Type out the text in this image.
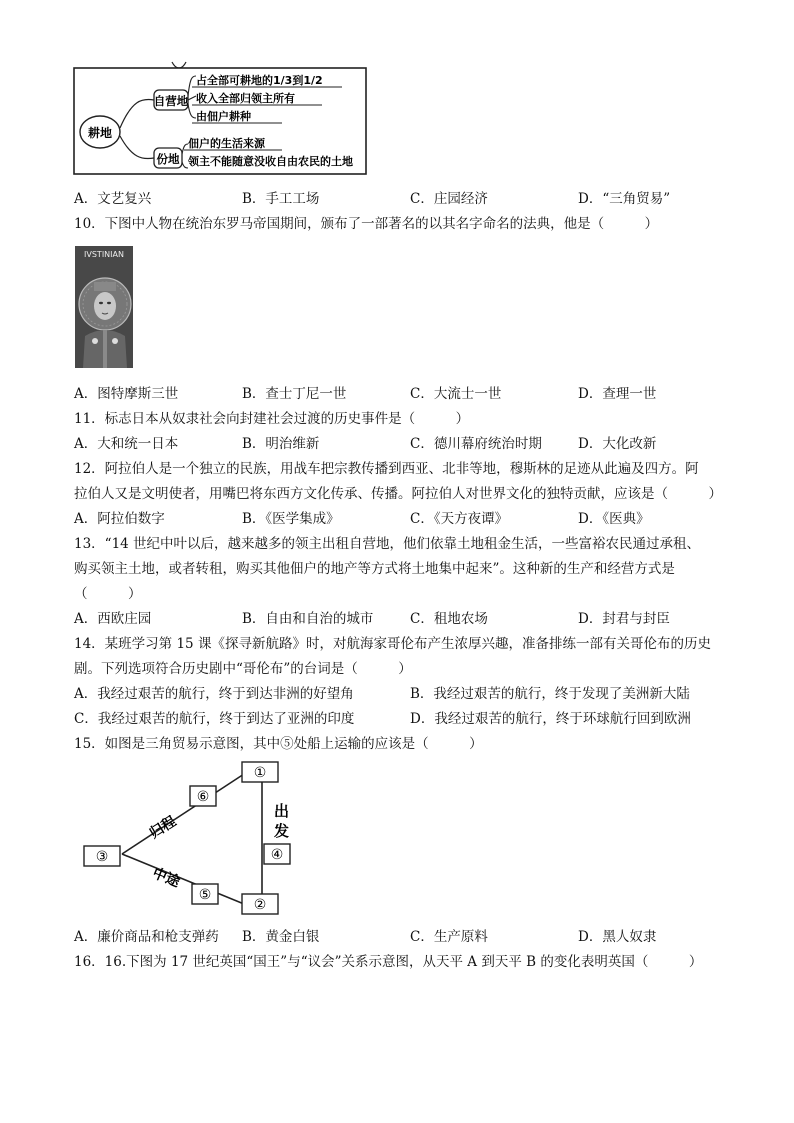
耕地
自营地
份地
占全部可耕地的1/3到1/2
收入全部归领主所有
由佃户耕种
佃户的生活来源
领主不能随意没收自由农民的土地
A．文艺复兴	B．手工工场	C．庄园经济	D．“三角贸易”
10．下图中人物在统治东罗马帝国期间，颁布了一部著名的以其名字命名的法典，他是（　　　）
IVSTINIAN
A．图特摩斯三世	B．查士丁尼一世	C．大流士一世	D．查理一世
11．标志日本从奴隶社会向封建社会过渡的历史事件是（　　　）
A．大和统一日本	B．明治维新	C．德川幕府统治时期	D．大化改新
12．阿拉伯人是一个独立的民族，用战车把宗教传播到西亚、北非等地，穆斯林的足迹从此遍及四方。阿
拉伯人又是文明使者，用嘴巴将东西方文化传承、传播。阿拉伯人对世界文化的独特贡献，应该是（　　　）
A．阿拉伯数字	B．《医学集成》	C．《天方夜谭》	D．《医典》
13．“14 世纪中叶以后，越来越多的领主出租自营地，他们依靠土地租金生活，一些富裕农民通过承租、
购买领主土地，或者转租，购买其他佃户的地产等方式将土地集中起来”。这种新的生产和经营方式是
（　　　）
A．西欧庄园	B．自由和自治的城市	C．租地农场	D．封君与封臣
14．某班学习第 15 课《探寻新航路》时，对航海家哥伦布产生浓厚兴趣，准备排练一部有关哥伦布的历史
剧。下列选项符合历史剧中“哥伦布”的台词是（　　　）
A．我经过艰苦的航行，终于到达非洲的好望角	B．我经过艰苦的航行，终于发现了美洲新大陆
C．我经过艰苦的航行，终于到达了亚洲的印度	D．我经过艰苦的航行，终于环球航行回到欧洲
15．如图是三角贸易示意图，其中⑤处船上运输的应该是（　　　）
①
②
③	④
⑤
⑥
归程
中途
出 发
A．廉价商品和枪支弹药 B．黄金白银	C．生产原料	D．黑人奴隶
16．16.下图为 17 世纪英国“国王”与“议会”关系示意图，从天平 A 到天平 B 的变化表明英国（　　　）
